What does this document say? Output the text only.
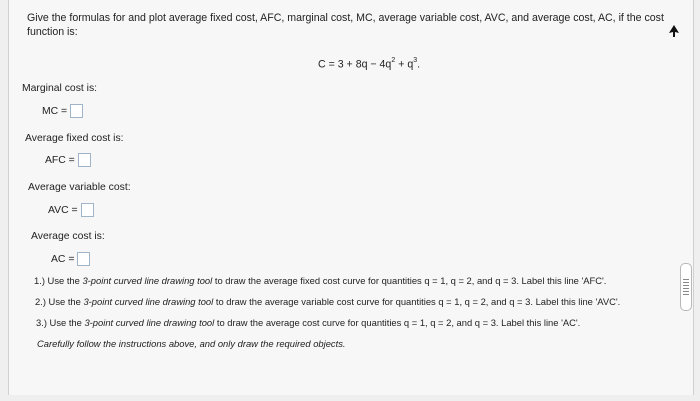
Give the formulas for and plot average fixed cost, AFC, marginal cost, MC, average variable cost, AVC, and average cost, AC, if the cost function is:
$C = 3 + 8q - 4q^2 + q^3$.
Marginal cost is:
MC =
Average fixed cost is:
AFC =
Average variable cost:
AVC =
Average cost is:
AC =
1.) Use the 3-point curved line drawing tool to draw the average fixed cost curve for quantities q = 1, q = 2, and q = 3. Label this line 'AFC'.
2.) Use the 3-point curved line drawing tool to draw the average variable cost curve for quantities q = 1, q = 2, and q = 3. Label this line 'AVC'.
3.) Use the 3-point curved line drawing tool to draw the average cost curve for quantities q = 1, q = 2, and q = 3. Label this line 'AC'.
Carefully follow the instructions above, and only draw the required objects.
